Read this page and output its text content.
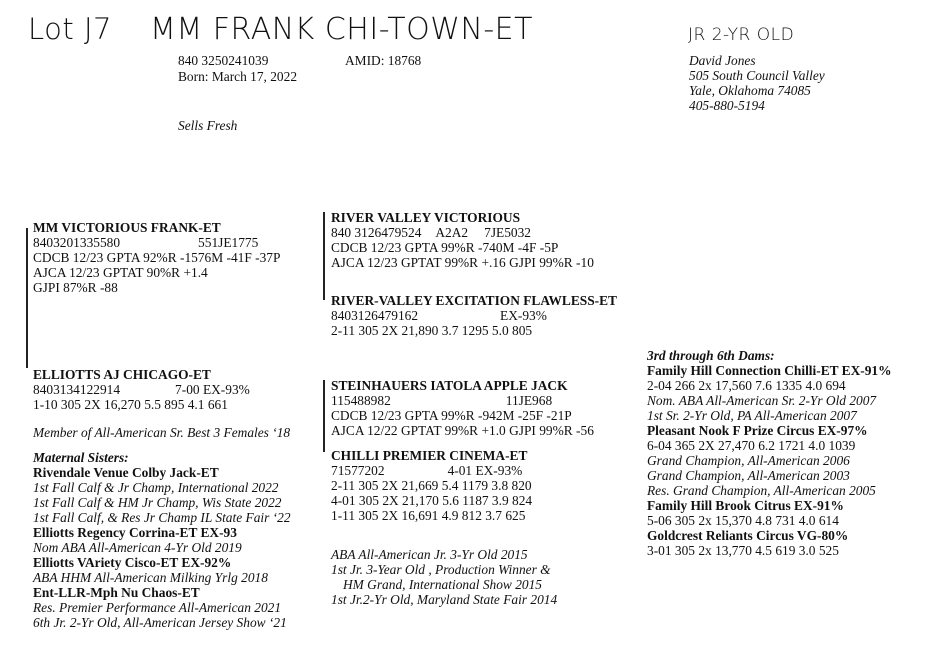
Lot J7 MM FRANK CHI-TOWN-ET	JR 2-YR OLD
840 3250241039	AMID: 18768
Born: March 17, 2022
Sells Fresh
David Jones
505 South Council Valley
Yale, Oklahoma 74085
405-880-5194
MM VICTORIOUS FRANK-ET
8403201335580	551JE1775
CDCB 12/23 GPTA 92%R -1576M -41F -37P
AJCA 12/23 GPTAT 90%R +1.4
GJPI 87%R -88
RIVER VALLEY VICTORIOUS
840 3126479524 A2A2 7JE5032
CDCB 12/23 GPTA 99%R -740M -4F -5P
AJCA 12/23 GPTAT 99%R +.16 GJPI 99%R -10
RIVER-VALLEY EXCITATION FLAWLESS-ET
8403126479162	EX-93%
2-11 305 2X 21,890 3.7 1295 5.0 805
ELLIOTTS AJ CHICAGO-ET
8403134122914	7-00 EX-93%
1-10 305 2X 16,270 5.5 895 4.1 661
Member of All-American Sr. Best 3 Females ‘18
STEINHAUERS IATOLA APPLE JACK
115488982	11JE968
CDCB 12/23 GPTA 99%R -942M -25F -21P
AJCA 12/22 GPTAT 99%R +1.0 GJPI 99%R -56
CHILLI PREMIER CINEMA-ET
71577202	4-01 EX-93%
2-11 305 2X 21,669 5.4 1179 3.8 820
4-01 305 2X 21,170 5.6 1187 3.9 824
1-11 305 2X 16,691 4.9 812 3.7 625
ABA All-American Jr. 3-Yr Old 2015
1st Jr. 3-Year Old , Production Winner &
HM Grand, International Show 2015
1st Jr.2-Yr Old, Maryland State Fair 2014
Maternal Sisters:
Rivendale Venue Colby Jack-ET
1st Fall Calf & Jr Champ, International 2022
1st Fall Calf & HM Jr Champ, Wis State 2022
1st Fall Calf, & Res Jr Champ IL State Fair ‘22
Elliotts Regency Corrina-ET EX-93
Nom ABA All-American 4-Yr Old 2019
Elliotts VAriety Cisco-ET EX-92%
ABA HHM All-American Milking Yrlg 2018
Ent-LLR-Mph Nu Chaos-ET
Res. Premier Performance All-American 2021
6th Jr. 2-Yr Old, All-American Jersey Show ‘21
3rd through 6th Dams:
Family Hill Connection Chilli-ET EX-91%
2-04 266 2x 17,560 7.6 1335 4.0 694
Nom. ABA All-American Sr. 2-Yr Old 2007
1st Sr. 2-Yr Old, PA All-American 2007
Pleasant Nook F Prize Circus EX-97%
6-04 365 2X 27,470 6.2 1721 4.0 1039
Grand Champion, All-American 2006
Grand Champion, All-American 2003
Res. Grand Champion, All-American 2005
Family Hill Brook Citrus EX-91%
5-06 305 2x 15,370 4.8 731 4.0 614
Goldcrest Reliants Circus VG-80%
3-01 305 2x 13,770 4.5 619 3.0 525
